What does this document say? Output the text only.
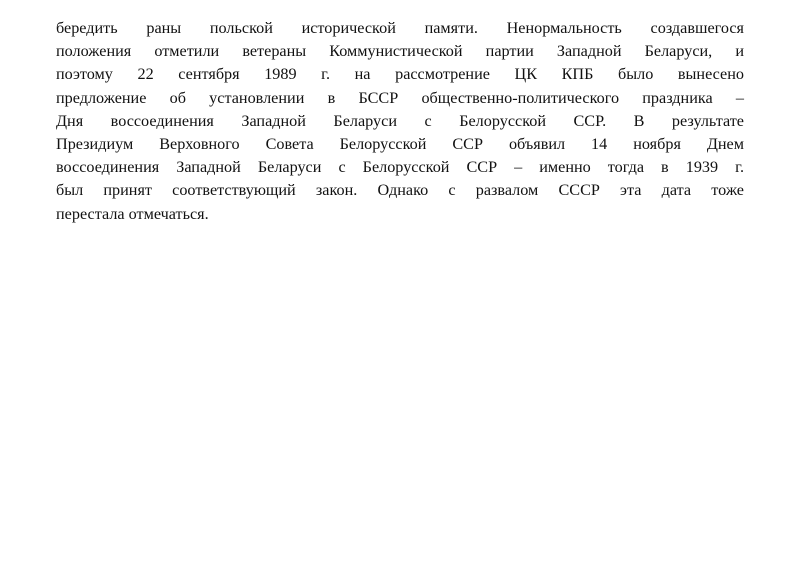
бередить раны польской исторической памяти. Ненормальность создавшегося
положения отметили ветераны Коммунистической партии Западной Беларуси, и
поэтому 22 сентября 1989 г. на рассмотрение ЦК КПБ было вынесено
предложение об установлении в БССР общественно-политического праздника –
Дня воссоединения Западной Беларуси с Белорусской ССР. В результате
Президиум Верховного Совета Белорусской ССР объявил 14 ноября Днем
воссоединения Западной Беларуси с Белорусской ССР – именно тогда в 1939 г.
был принят соответствующий закон. Однако с развалом СССР эта дата тоже
перестала отмечаться.
